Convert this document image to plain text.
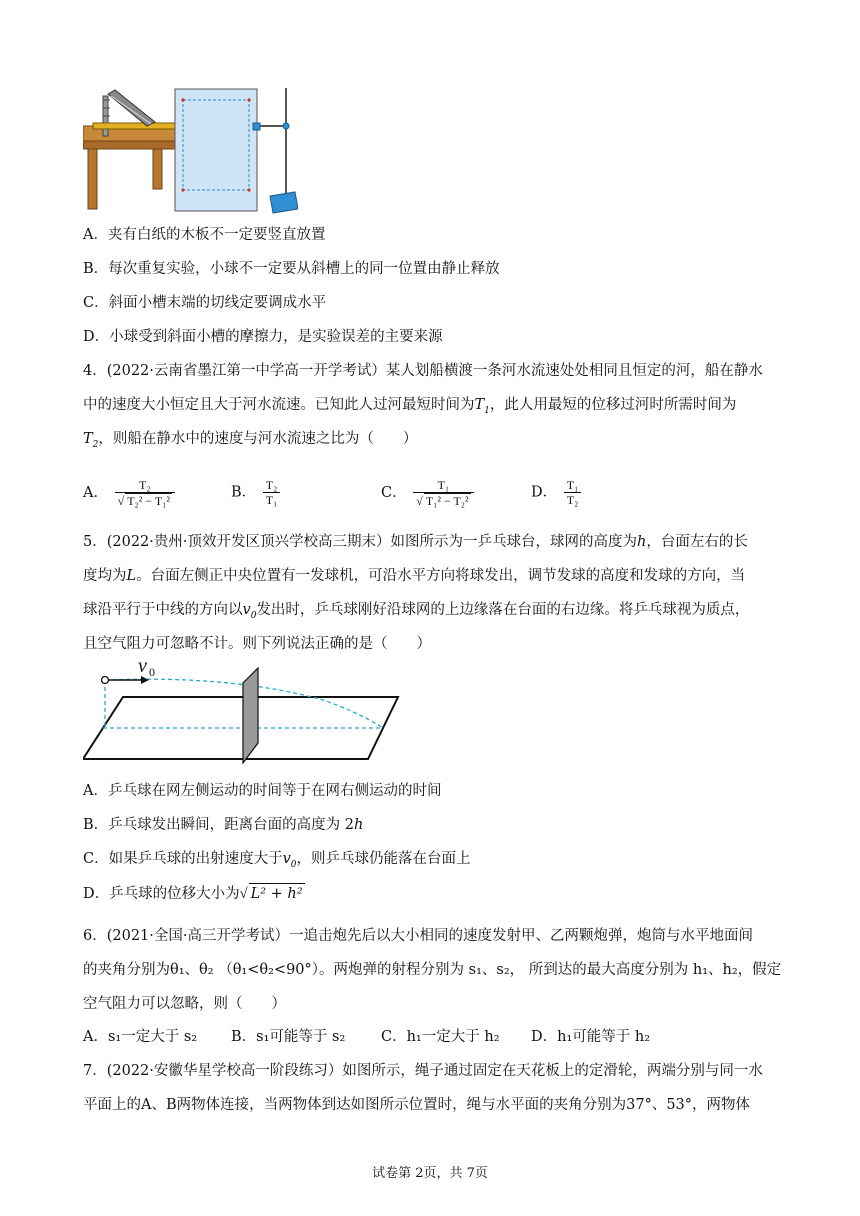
A．夹有白纸的木板不一定要竖直放置
B．每次重复实验，小球不一定要从斜槽上的同一位置由静止释放
C．斜面小槽末端的切线定要调成水平
D．小球受到斜面小槽的摩擦力，是实验误差的主要来源
4．(2022·云南省墨江第一中学高一开学考试）某人划船横渡一条河水流速处处相同且恒定的河，船在静水
中的速度大小恒定且大于河水流速。已知此人过河最短时间为$T_1$，此人用最短的位移过河时所需时间为
$T_2$，则船在静水中的速度与河水流速之比为（　　）
A． $\frac{\text{T₂}}{\text{√ T₂² − T₁²}}$	B． $\frac{\text{T₂}}{\text{T₁}}$	C． $\frac{\text{T₁}}{\text{√ T₁² − T₂²}}$	D． $\frac{\text{T₁}}{\text{T₂}}$
5．(2022·贵州·顶效开发区顶兴学校高三期末）如图所示为一乒乓球台，球网的高度为h，台面左右的长
度均为L。台面左侧正中央位置有一发球机，可沿水平方向将球发出，调节发球的高度和发球的方向，当
球沿平行于中线的方向以$v_0$发出时，乒乓球刚好沿球网的上边缘落在台面的右边缘。将乒乓球视为质点，
且空气阻力可忽略不计。则下列说法正确的是（　　）
v 0
A．乒乓球在网左侧运动的时间等于在网右侧运动的时间
B．乒乓球发出瞬间，距离台面的高度为 2h
C．如果乒乓球的出射速度大于$v_0$，则乒乓球仍能落在台面上
D．乒乓球的位移大小为√ L² + h²
6．(2021·全国·高三开学考试）一追击炮先后以大小相同的速度发射甲、乙两颗炮弹，炮筒与水平地面间
的夹角分别为θ₁、θ₂ （θ₁<θ₂<90°）。两炮弹的射程分别为 s₁、s₂， 所到达的最大高度分别为 h₁、h₂，假定
空气阻力可以忽略，则（　　）
A．s₁一定大于 s₂ B．s₁可能等于 s₂ C．h₁一定大于 h₂ D．h₁可能等于 h₂
7．(2022·安徽华星学校高一阶段练习）如图所示，绳子通过固定在天花板上的定滑轮，两端分别与同一水
平面上的A、B两物体连接，当两物体到达如图所示位置时，绳与水平面的夹角分别为37°、53°，两物体
试卷第 2页，共 7页
